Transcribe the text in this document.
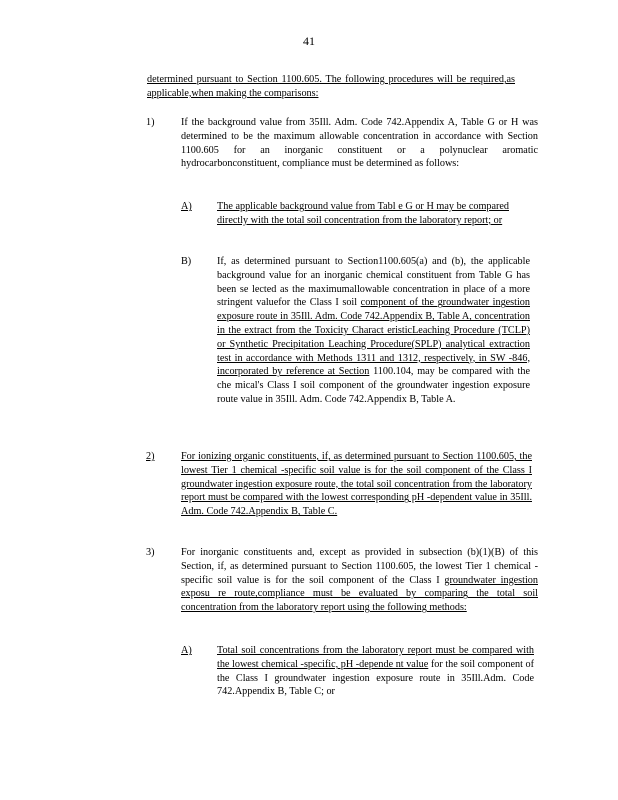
41
determined pursuant to Section 1100.605. The following procedures will be required,as applicable,when making the comparisons:
1)	If the background value from 35Ill. Adm. Code 742.Appendix A, Table G or H was determined to be the maximum allowable concentration in accordance with Section 1100.605 for an inorganic constituent or a polynuclear aromatic hydrocarbonconstituent, compliance must be determined as follows:
A) The applicable background value from Tabl e G or H may be compared directly with the total soil concentration from the laboratory report; or
B)	If, as determined pursuant to Section1100.605(a) and (b), the applicable background value for an inorganic chemical constituent from Table G has been se lected as the maximumallowable concentration in place of a more stringent valuefor the Class I soil component of the groundwater ingestion exposure route in 35Ill. Adm. Code 742.Appendix B, Table A, concentration in the extract from the Toxicity Charact eristicLeaching Procedure (TCLP) or Synthetic Precipitation Leaching Procedure(SPLP) analytical extraction test in accordance with Methods 1311 and 1312, respectively, in SW -846, incorporated by reference at Section 1100.104, may be compared with the che mical's Class I soil component of the groundwater ingestion exposure route value in 35Ill. Adm. Code 742.Appendix B, Table A.
2)	For ionizing organic constituents, if, as determined pursuant to Section 1100.605, the lowest Tier 1 chemical -specific soil value is for the soil component of the Class I groundwater ingestion exposure route, the total soil concentration from the laboratory report must be compared with the lowest corresponding pH -dependent value in 35Ill. Adm. Code 742.Appendix B, Table C.
3)	For inorganic constituents and, except as provided in subsection (b)(1)(B) of this Section, if, as determined pursuant to Section 1100.605, the lowest Tier 1 chemical -specific soil value is for the soil component of the Class I groundwater ingestion exposu re route,compliance must be evaluated by comparing the total soil concentration from the laboratory report using the following methods:
A) Total soil concentrations from the laboratory report must be compared with the lowest chemical -specific, pH -depende nt value for the soil component of the Class I groundwater ingestion exposure route in 35Ill.Adm. Code 742.Appendix B, Table C; or
